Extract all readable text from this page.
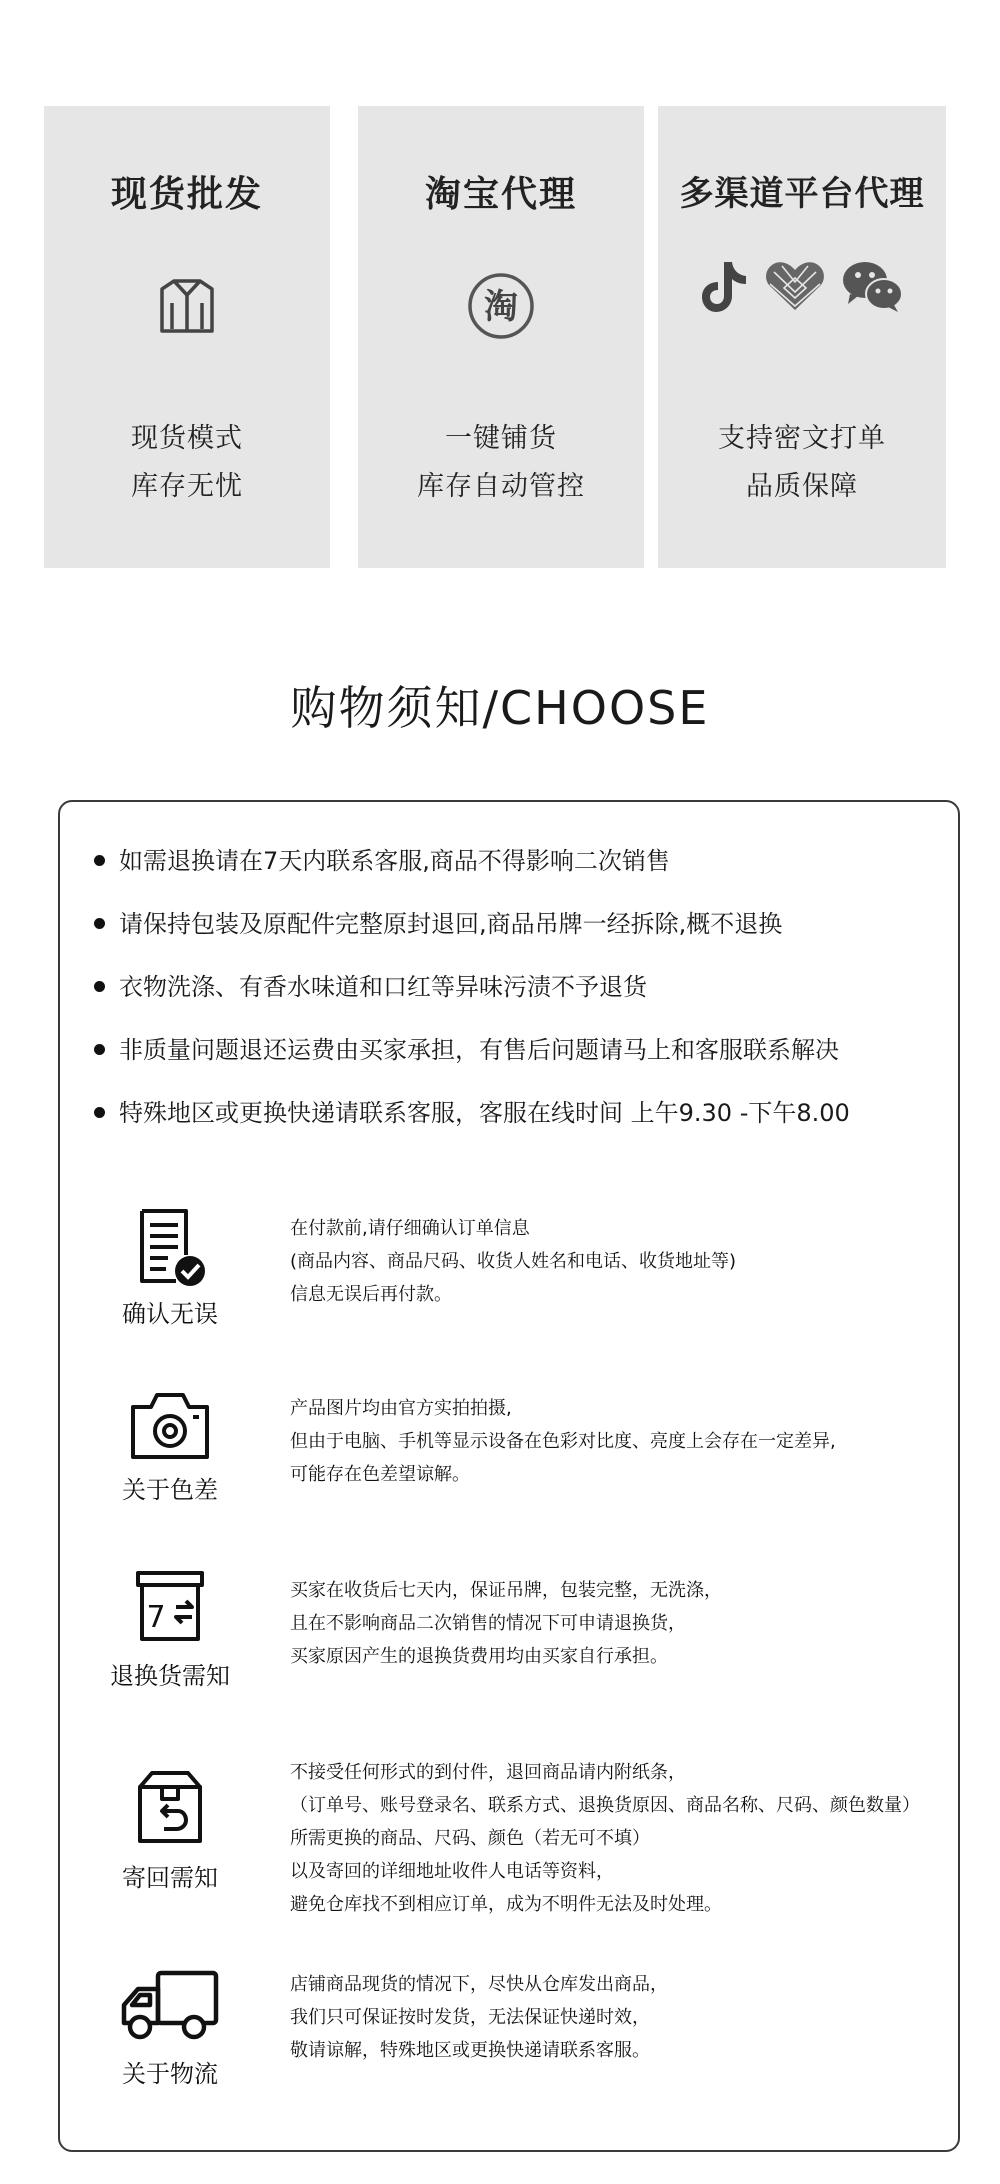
现货批发
现货模式
库存无忧
淘宝代理
淘
一键铺货
库存自动管控
多渠道平台代理
支持密文打单
品质保障
购物须知/CHOOSE
如需退换请在7天内联系客服,商品不得影响二次销售
请保持包装及原配件完整原封退回,商品吊牌一经拆除,概不退换
衣物洗涤、有香水味道和口红等异味污渍不予退货
非质量问题退还运费由买家承担，有售后问题请马上和客服联系解决
特殊地区或更换快递请联系客服，客服在线时间 上午9.30 -下午8.00
确认无误
在付款前,请仔细确认订单信息
(商品内容、商品尺码、收货人姓名和电话、收货地址等)
信息无误后再付款。
关于色差
产品图片均由官方实拍拍摄,
但由于电脑、手机等显示设备在色彩对比度、亮度上会存在一定差异,
可能存在色差望谅解。
7
退换货需知
买家在收货后七天内，保证吊牌，包装完整，无洗涤，
且在不影响商品二次销售的情况下可申请退换货，
买家原因产生的退换货费用均由买家自行承担。
寄回需知
不接受任何形式的到付件，退回商品请内附纸条，
（订单号、账号登录名、联系方式、退换货原因、商品名称、尺码、颜色数量）
所需更换的商品、尺码、颜色（若无可不填）
以及寄回的详细地址收件人电话等资料，
避免仓库找不到相应订单，成为不明件无法及时处理。
关于物流
店铺商品现货的情况下，尽快从仓库发出商品，
我们只可保证按时发货，无法保证快递时效，
敬请谅解，特殊地区或更换快递请联系客服。
